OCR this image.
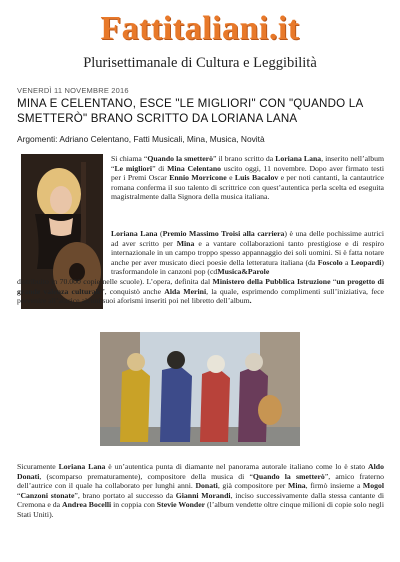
Fattitaliani.it
Plurisettimanale di Cultura e Leggibilità
VENERDÌ 11 NOVEMBRE 2016
MINA E CELENTANO, ESCE "LE MIGLIORI" CON "QUANDO LA SMETTERÒ" BRANO SCRITTO DA LORIANA LANA
Argomenti: Adriano Celentano, Fatti Musicali, Mina, Musica, Novità
Si chiama “Quando la smetterò” il brano scritto da Loriana Lana, inserito nell’album “Le migliori” di Mina Celentano uscito oggi, 11 novembre. Dopo aver firmato testi per i Premi Oscar Ennio Morricone e Luis Bacalov e per noti cantanti, la cantautrice romana conferma il suo talento di scrittrice con quest’autentica perla scelta ed eseguita magistralmente dalla Signora della musica italiana.
Loriana Lana (Premio Massimo Troisi alla carriera) è una delle pochissime autrici ad aver scritto per Mina e a vantare collaborazioni tanto prestigiose e di respiro internazionale in un campo troppo spesso appannaggio dei soli uomini. Si è fatta notare anche per aver musicato dieci poesie della letteratura italiana (da Foscolo a Leopardi) trasformandole in canzoni pop (cdMusica&Parole
distribuito in 70.000 copie nelle scuole). L’opera, definita dal Ministero della Pubblica Istruzione “un progetto di grande valenza culturale”, conquistò anche Alda Merini, la quale, esprimendo complimenti sull’iniziativa, fece pervenire all’autrice alcuni suoi aforismi inseriti poi nel libretto dell’album.
Sicuramente Loriana Lana è un’autentica punta di diamante nel panorama autorale italiano come lo è stato Aldo Donati, (scomparso prematuramente), compositore della musica di “Quando la smetterò”, amico fraterno dell’autrice con il quale ha collaborato per lunghi anni. Donati, già compositore per Mina, firmò insieme a Mogol “Canzoni stonate”, brano portato al successo da Gianni Morandi, inciso successivamente dalla stessa cantante di Cremona e da Andrea Bocelli in coppia con Stevie Wonder (l’album vendette oltre cinque milioni di copie solo negli Stati Uniti).
